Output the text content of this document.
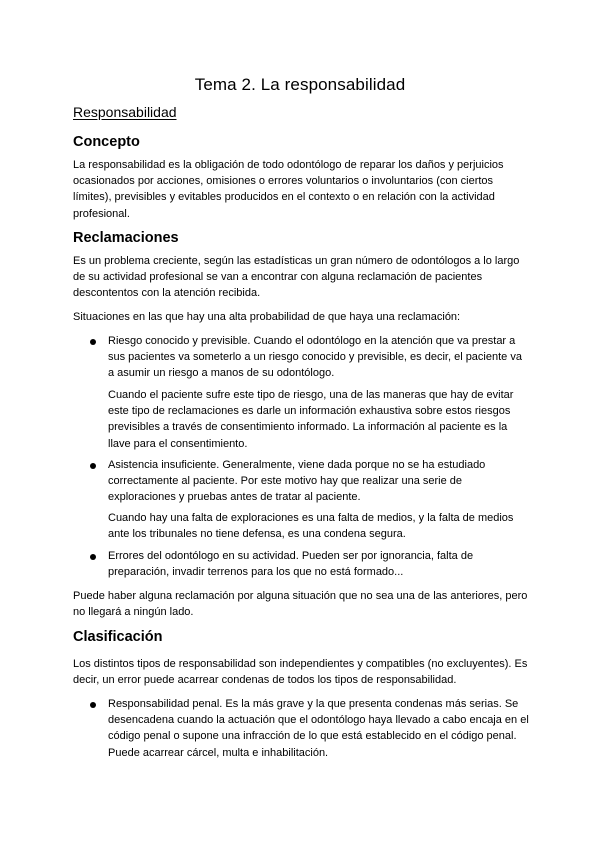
Tema 2. La responsabilidad
Responsabilidad
Concepto

La responsabilidad es la obligación de todo odontólogo de reparar los daños y perjuicios ocasionados por acciones, omisiones o errores voluntarios o involuntarios (con ciertos límites), previsibles y evitables producidos en el contexto o en relación con la actividad profesional.

Reclamaciones

Es un problema creciente, según las estadísticas un gran número de odontólogos a lo largo de su actividad profesional se van a encontrar con alguna reclamación de pacientes descontentos con la atención recibida.

Situaciones en las que hay una alta probabilidad de que haya una reclamación:

Riesgo conocido y previsible. Cuando el odontólogo en la atención que va prestar a sus pacientes va someterlo a un riesgo conocido y previsible, es decir, el paciente va a asumir un riesgo a manos de su odontólogo.

Cuando el paciente sufre este tipo de riesgo, una de las maneras que hay de evitar este tipo de reclamaciones es darle un información exhaustiva sobre estos riesgos previsibles a través de consentimiento informado. La información al paciente es la llave para el consentimiento.

Asistencia insuficiente. Generalmente, viene dada porque no se ha estudiado correctamente al paciente. Por este motivo hay que realizar una serie de exploraciones y pruebas antes de tratar al paciente.

Cuando hay una falta de exploraciones es una falta de medios, y la falta de medios ante los tribunales no tiene defensa, es una condena segura.

Errores del odontólogo en su actividad. Pueden ser por ignorancia, falta de preparación, invadir terrenos para los que no está formado...

Puede haber alguna reclamación por alguna situación que no sea una de las anteriores, pero no llegará a ningún lado.

Clasificación

Los distintos tipos de responsabilidad son independientes y compatibles (no excluyentes). Es decir, un error puede acarrear condenas de todos los tipos de responsabilidad.

Responsabilidad penal. Es la más grave y la que presenta condenas más serias. Se desencadena cuando la actuación que el odontólogo haya llevado a cabo encaja en el código penal o supone una infracción de lo que está establecido en el código penal. Puede acarrear cárcel, multa e inhabilitación.
